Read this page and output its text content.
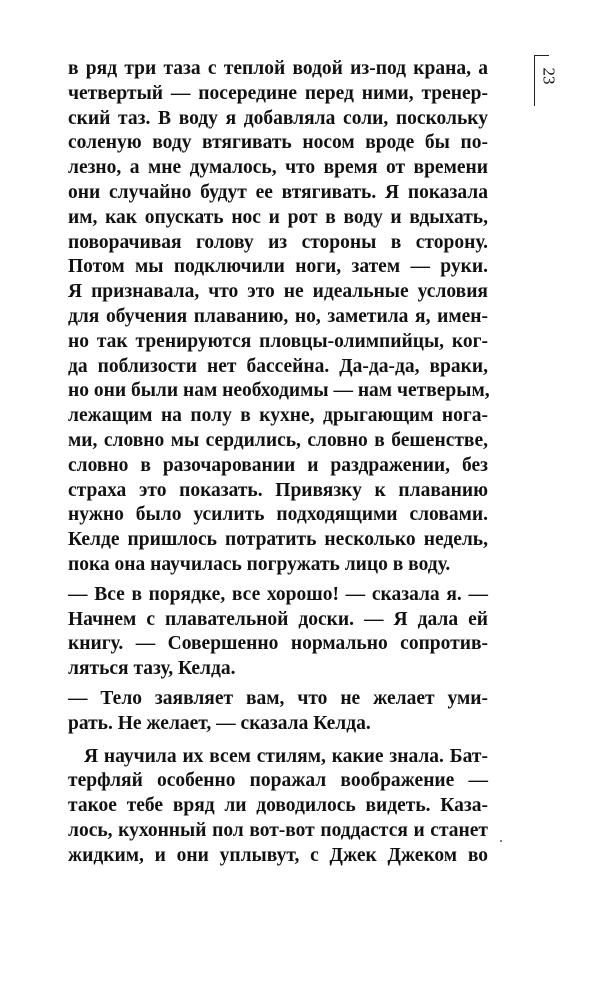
23
в ряд три таза с теплой водой из-под крана, а
четвертый — посередине перед ними, тренер-
ский таз. В воду я добавляла соли, поскольку
соленую воду втягивать носом вроде бы по-
лезно, а мне думалось, что время от времени
они случайно будут ее втягивать. Я показала
им, как опускать нос и рот в воду и вдыхать,
поворачивая голову из стороны в сторону.
Потом мы подключили ноги, затем — руки.
Я признавала, что это не идеальные условия
для обучения плаванию, но, заметила я, имен-
но так тренируются пловцы-олимпийцы, ког-
да поблизости нет бассейна. Да-да-да, враки,
но они были нам необходимы — нам четверым,
лежащим на полу в кухне, дрыгающим нога-
ми, словно мы сердились, словно в бешенстве,
словно в разочаровании и раздражении, без
страха это показать. Привязку к плаванию
нужно было усилить подходящими словами.
Келде пришлось потратить несколько недель,
пока она научилась погружать лицо в воду.
— Все в порядке, все хорошо! — сказала я. —
Начнем с плавательной доски. — Я дала ей
книгу. — Совершенно нормально сопротив-
ляться тазу, Келда.
— Тело заявляет вам, что не желает уми-
рать. Не желает, — сказала Келда.
Я научила их всем стилям, какие знала. Бат-
терфляй особенно поражал воображение —
такое тебе вряд ли доводилось видеть. Каза-
лось, кухонный пол вот-вот поддастся и станет
жидким, и они уплывут, с Джек Джеком во
